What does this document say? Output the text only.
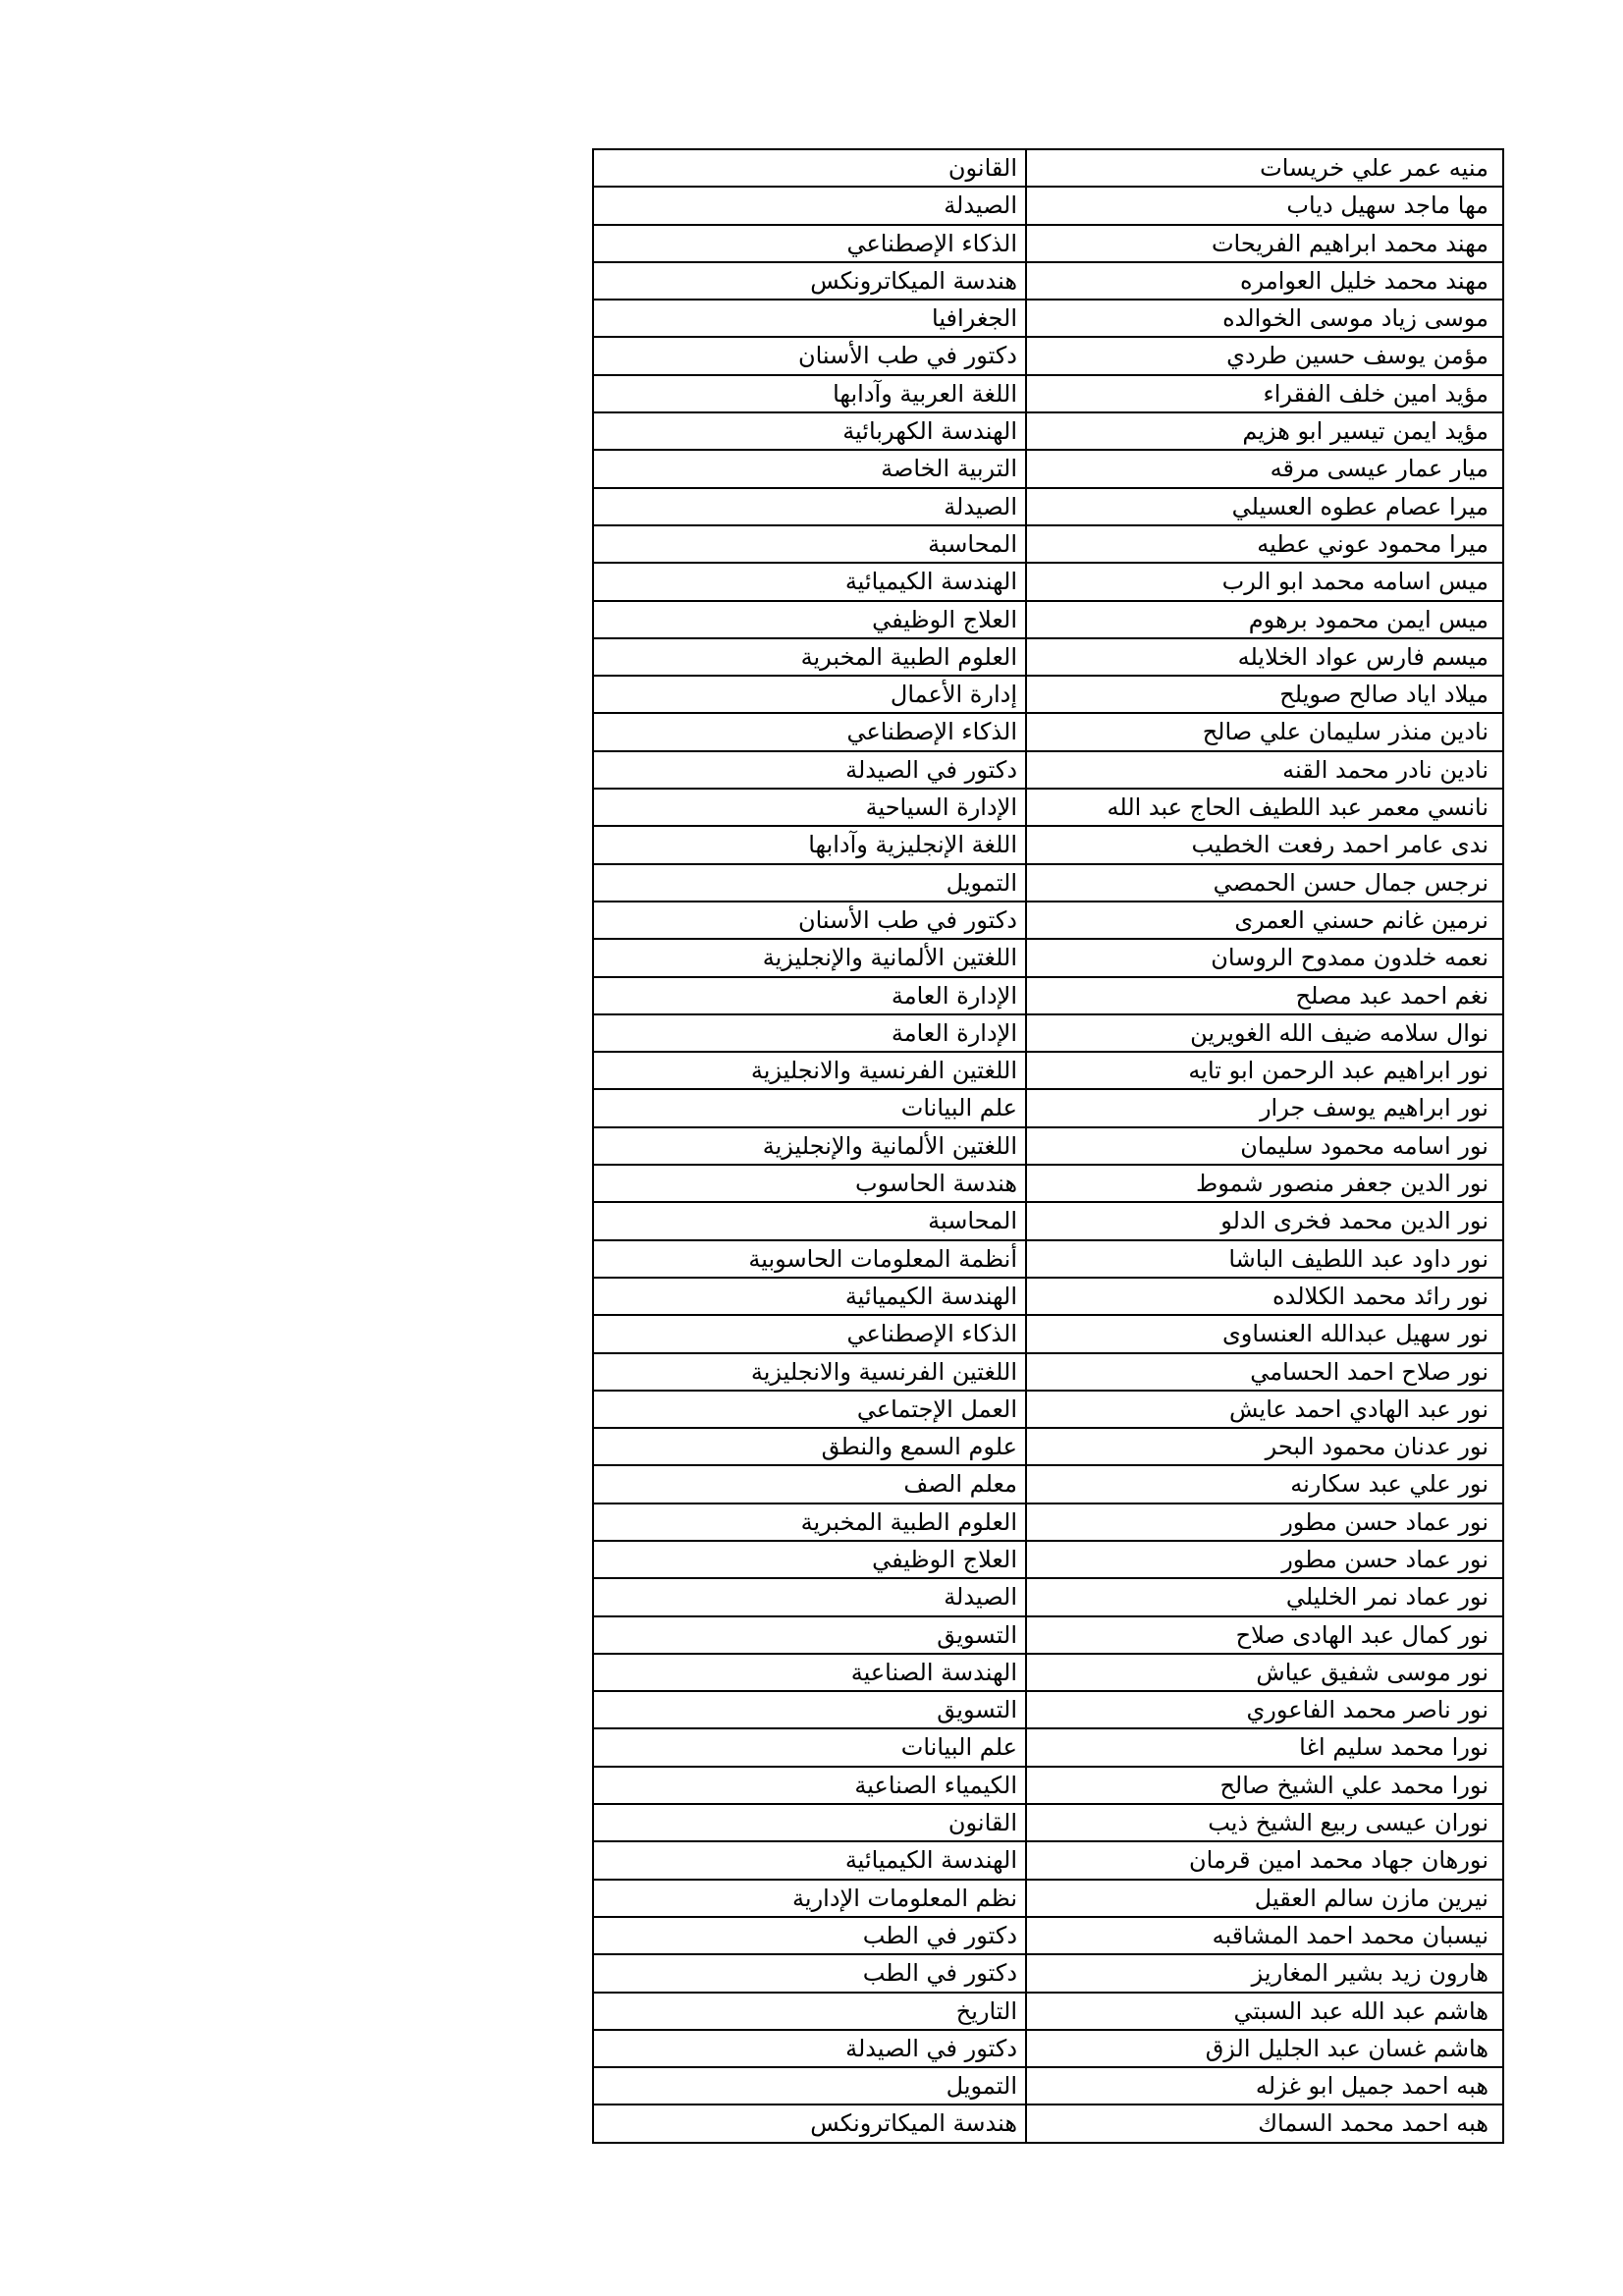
القانون	منيه عمر علي خريسات
الصيدلة	مها ماجد سهيل دياب
الذكاء الإصطناعي	مهند محمد ابراهيم الفريحات
هندسة الميكاترونكس	مهند محمد خليل العوامره
الجغرافيا	موسى زياد موسى الخوالده
دكتور في طب الأسنان	مؤمن يوسف حسين طردي
اللغة العربية وآدابها	مؤيد امين خلف الفقراء
الهندسة الكهربائية	مؤيد ايمن تيسير ابو هزيم
التربية الخاصة	ميار عمار عيسى مرقه
الصيدلة	ميرا عصام عطوه العسيلي
المحاسبة	ميرا محمود عوني عطيه
الهندسة الكيميائية	ميس اسامه محمد ابو الرب
العلاج الوظيفي	ميس ايمن محمود برهوم
العلوم الطبية المخبرية	ميسم فارس عواد الخلايله
إدارة الأعمال	ميلاد اياد صالح صويلح
الذكاء الإصطناعي	نادين منذر سليمان علي صالح
دكتور في الصيدلة	نادين نادر محمد القنه
الإدارة السياحية	نانسي معمر عبد اللطيف الحاج عبد الله
اللغة الإنجليزية وآدابها	ندى عامر احمد رفعت الخطيب
التمويل	نرجس جمال حسن الحمصي
دكتور في طب الأسنان	نرمين غانم حسني العمرى
اللغتين الألمانية والإنجليزية	نعمه خلدون ممدوح الروسان
الإدارة العامة	نغم احمد عبد مصلح
الإدارة العامة	نوال سلامه ضيف الله الغويرين
اللغتين الفرنسية والانجليزية	نور ابراهيم عبد الرحمن ابو تايه
علم البيانات	نور ابراهيم يوسف جرار
اللغتين الألمانية والإنجليزية	نور اسامه محمود سليمان
هندسة الحاسوب	نور الدين جعفر منصور شموط
المحاسبة	نور الدين محمد فخرى الدلو
أنظمة المعلومات الحاسوبية	نور داود عبد اللطيف الباشا
الهندسة الكيميائية	نور رائد محمد الكلالده
الذكاء الإصطناعي	نور سهيل عبدالله العنساوى
اللغتين الفرنسية والانجليزية	نور صلاح احمد الحسامي
العمل الإجتماعي	نور عبد الهادي احمد عايش
علوم السمع والنطق	نور عدنان محمود البحر
معلم الصف	نور علي عبد سكارنه
العلوم الطبية المخبرية	نور عماد حسن مطور
العلاج الوظيفي	نور عماد حسن مطور
الصيدلة	نور عماد نمر الخليلي
التسويق	نور كمال عبد الهادى صلاح
الهندسة الصناعية	نور موسى شفيق عياش
التسويق	نور ناصر محمد الفاعوري
علم البيانات	نورا محمد سليم اغا
الكيمياء الصناعية	نورا محمد علي الشيخ صالح
القانون	نوران عيسى ربيع الشيخ ذيب
الهندسة الكيميائية	نورهان جهاد محمد امين قرمان
نظم المعلومات الإدارية	نيرين مازن سالم العقيل
دكتور في الطب	نيسبان محمد احمد المشاقبه
دكتور في الطب	هارون زيد بشير المغاريز
التاريخ	هاشم عبد الله عبد السبتي
دكتور في الصيدلة	هاشم غسان عبد الجليل الزق
التمويل	هبه احمد جميل ابو غزله
هندسة الميكاترونكس	هبه احمد محمد السماك
